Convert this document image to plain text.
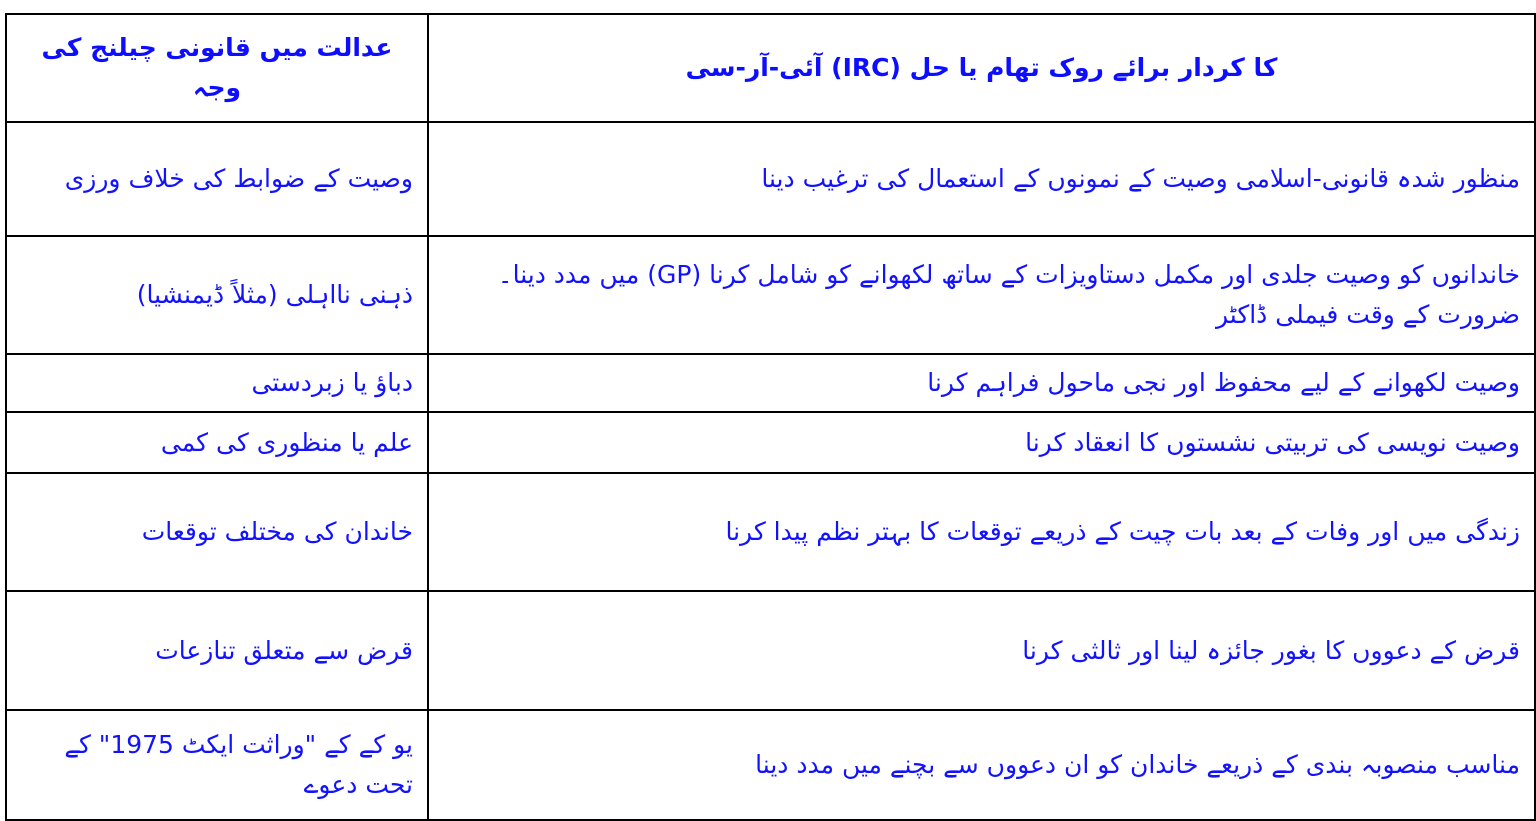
عدالت میں قانونی چیلنج کی وجہ	کا کردار برائے روک تھام یا حل (IRC) آئی-آر-سی

وصیت کے ضوابط کی خلاف ورزی	منظور شدہ قانونی-اسلامی وصیت کے نمونوں کے استعمال کی ترغیب دینا

ذہنی نااہلی (مثلاً ڈیمنشیا)	خاندانوں کو وصیت جلدی اور مکمل دستاویزات کے ساتھ لکھوانے کو شامل کرنا (GP) میں مدد دینا۔ ضرورت کے وقت فیملی ڈاکٹر

دباؤ یا زبردستی	وصیت لکھوانے کے لیے محفوظ اور نجی ماحول فراہم کرنا

علم یا منظوری کی کمی	وصیت نویسی کی تربیتی نشستوں کا انعقاد کرنا

خاندان کی مختلف توقعات	زندگی میں اور وفات کے بعد بات چیت کے ذریعے توقعات کا بہتر نظم پیدا کرنا

قرض سے متعلق تنازعات	قرض کے دعووں کا بغور جائزہ لینا اور ثالثی کرنا

یو کے کے "وراثت ایکٹ 1975" کے تحت دعوے	مناسب منصوبہ بندی کے ذریعے خاندان کو ان دعووں سے بچنے میں مدد دینا
